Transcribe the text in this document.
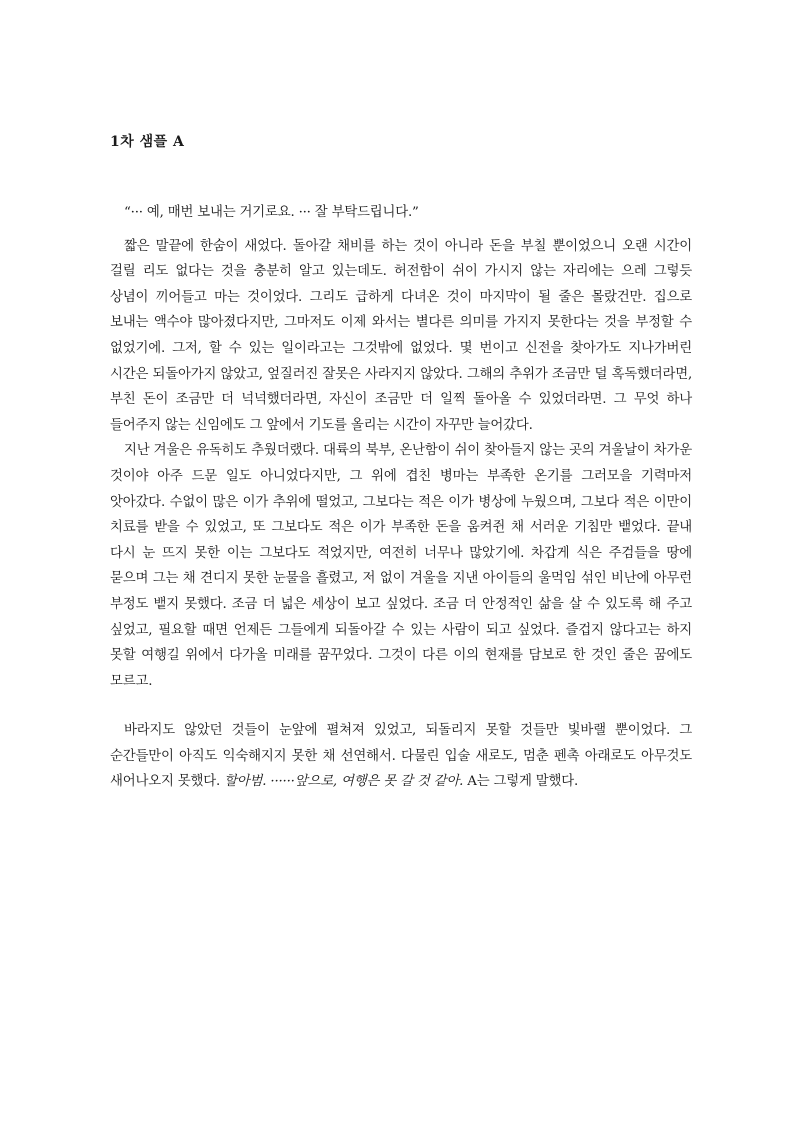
1차 샘플 A

“··· 예, 매번 보내는 거기로요. ··· 잘 부탁드립니다.”

짧은 말끝에 한숨이 새었다. 돌아갈 채비를 하는 것이 아니라 돈을 부칠 뿐이었으니 오랜 시간이 걸릴 리도 없다는 것을 충분히 알고 있는데도. 허전함이 쉬이 가시지 않는 자리에는 으레 그렇듯 상념이 끼어들고 마는 것이었다. 그리도 급하게 다녀온 것이 마지막이 될 줄은 몰랐건만. 집으로 보내는 액수야 많아졌다지만, 그마저도 이제 와서는 별다른 의미를 가지지 못한다는 것을 부정할 수 없었기에. 그저, 할 수 있는 일이라고는 그것밖에 없었다. 몇 번이고 신전을 찾아가도 지나가버린 시간은 되돌아가지 않았고, 엎질러진 잘못은 사라지지 않았다. 그해의 추위가 조금만 덜 혹독했더라면, 부친 돈이 조금만 더 넉넉했더라면, 자신이 조금만 더 일찍 돌아올 수 있었더라면. 그 무엇 하나 들어주지 않는 신임에도 그 앞에서 기도를 올리는 시간이 자꾸만 늘어갔다.

지난 겨울은 유독히도 추웠더랬다. 대륙의 북부, 온난함이 쉬이 찾아들지 않는 곳의 겨울날이 차가운 것이야 아주 드문 일도 아니었다지만, 그 위에 겹친 병마는 부족한 온기를 그러모을 기력마저 앗아갔다. 수없이 많은 이가 추위에 떨었고, 그보다는 적은 이가 병상에 누웠으며, 그보다 적은 이만이 치료를 받을 수 있었고, 또 그보다도 적은 이가 부족한 돈을 움켜쥔 채 서러운 기침만 뱉었다. 끝내 다시 눈 뜨지 못한 이는 그보다도 적었지만, 여전히 너무나 많았기에. 차갑게 식은 주검들을 땅에 묻으며 그는 채 견디지 못한 눈물을 흘렸고, 저 없이 겨울을 지낸 아이들의 울먹임 섞인 비난에 아무런 부정도 뱉지 못했다. 조금 더 넓은 세상이 보고 싶었다. 조금 더 안정적인 삶을 살 수 있도록 해 주고 싶었고, 필요할 때면 언제든 그들에게 되돌아갈 수 있는 사람이 되고 싶었다. 즐겁지 않다고는 하지 못할 여행길 위에서 다가올 미래를 꿈꾸었다. 그것이 다른 이의 현재를 담보로 한 것인 줄은 꿈에도 모르고.

바라지도 않았던 것들이 눈앞에 펼쳐져 있었고, 되돌리지 못할 것들만 빛바랠 뿐이었다. 그 순간들만이 아직도 익숙해지지 못한 채 선연해서. 다물린 입술 새로도, 멈춘 펜촉 아래로도 아무것도 새어나오지 못했다. 할아범. ······앞으로, 여행은 못 갈 것 같아. A는 그렇게 말했다.
